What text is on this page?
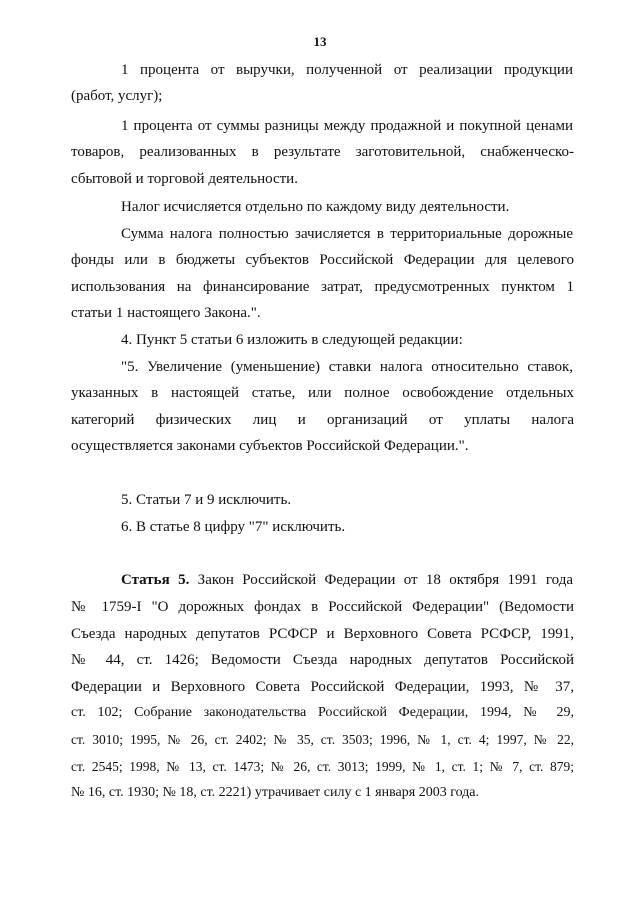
13
1 процента от выручки, полученной от реализации продукции
(работ, услуг);
1 процента от суммы разницы между продажной и покупной ценами
товаров, реализованных в результате заготовительной, снабженческо-
сбытовой и торговой деятельности.
Налог исчисляется отдельно по каждому виду деятельности.
Сумма налога полностью зачисляется в территориальные дорожные
фонды или в бюджеты субъектов Российской Федерации для целевого
использования на финансирование затрат, предусмотренных пунктом 1
статьи 1 настоящего Закона.".
4. Пункт 5 статьи 6 изложить в следующей редакции:
"5. Увеличение (уменьшение) ставки налога относительно ставок,
указанных в настоящей статье, или полное освобождение отдельных
категорий физических лиц и организаций от уплаты налога
осуществляется законами субъектов Российской Федерации.".
5. Статьи 7 и 9 исключить.
6. В статье 8 цифру "7" исключить.
Статья 5. Закон Российской Федерации от 18 октября 1991 года
№ 1759-I "О дорожных фондах в Российской Федерации" (Ведомости
Съезда народных депутатов РСФСР и Верховного Совета РСФСР, 1991,
№ 44, ст. 1426; Ведомости Съезда народных депутатов Российской
Федерации и Верховного Совета Российской Федерации, 1993, № 37,
ст. 102; Собрание законодательства Российской Федерации, 1994, № 29,
ст. 3010; 1995, № 26, ст. 2402; № 35, ст. 3503; 1996, № 1, ст. 4; 1997, № 22,
ст. 2545; 1998, № 13, ст. 1473; № 26, ст. 3013; 1999, № 1, ст. 1; № 7, ст. 879;
№ 16, ст. 1930; № 18, ст. 2221) утрачивает силу с 1 января 2003 года.
